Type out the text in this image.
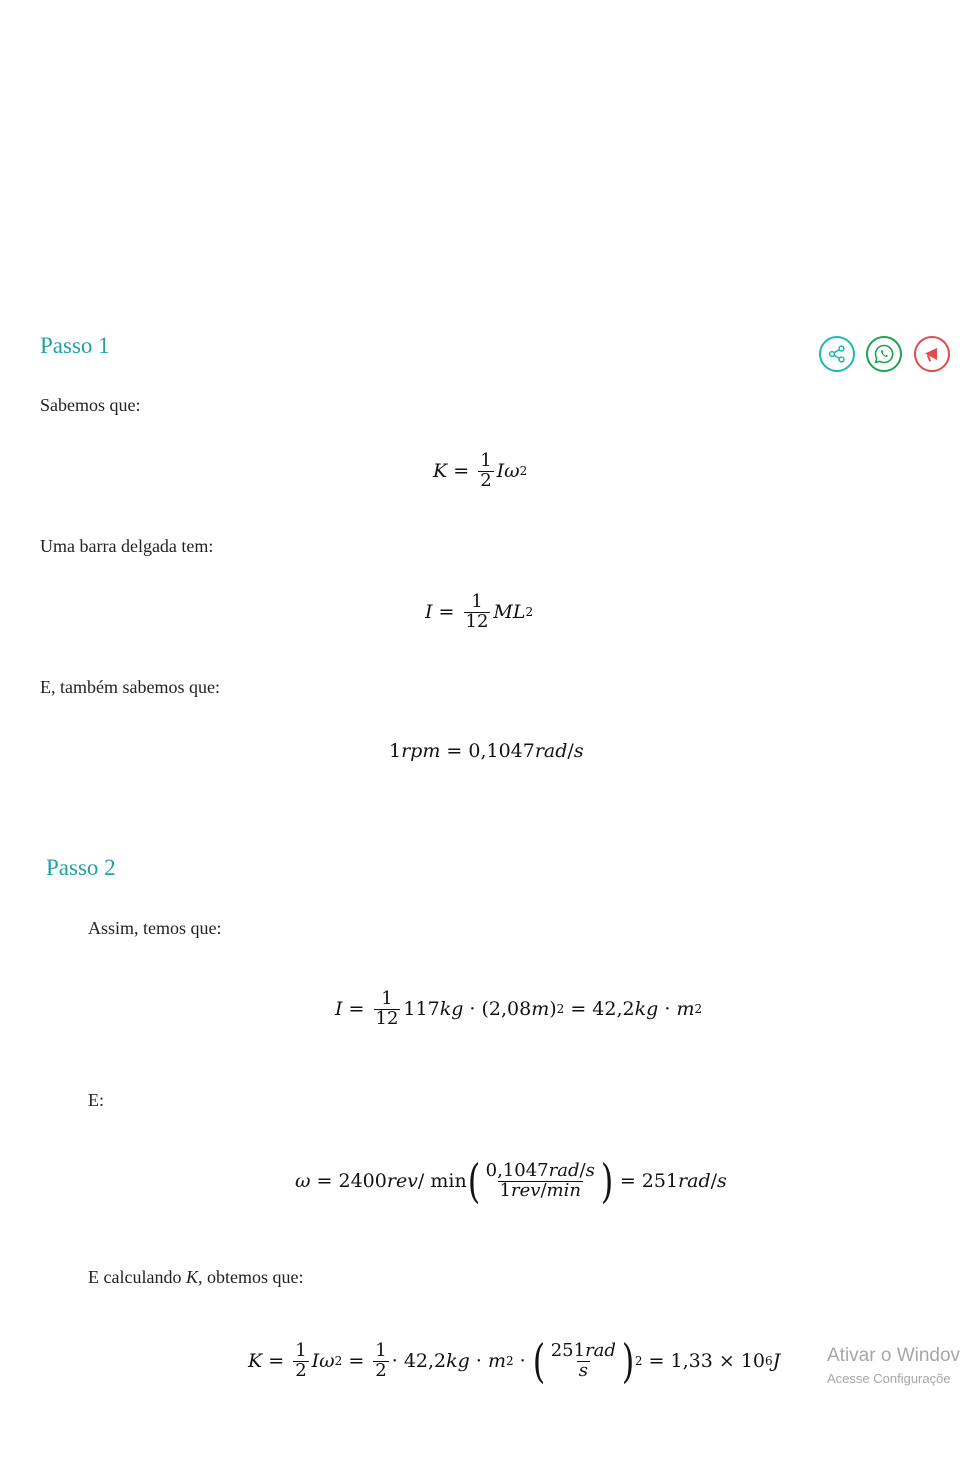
Passo 1
Sabemos que:
$K = \frac{1}{2}$ Iω 2
Uma barra delgada tem:
$I = \frac{1}{12}$ ML 2
E, também sabemos que:
1 rpm = 0,1047 rad / s
Passo 2
Assim, temos que:
$I = \frac{1}{12} 117$ kg · (2,08 m ) 2 = 42,2 kg · m 2
E:
ω = 2400 rev / min ( $\frac{\text{0,1047rad/s}}{\text{1rev/min}}$ ) = 251 rad / s
E calculando K, obtemos que:
$K = \frac{1}{2}$ Iω $2 = \frac{1}{2} \cdot 42,2$ kg · m 2 · ( $\frac{\text{251rad}}{s}$ ) 2 = 1,33 × 10 6 J Ativar o Windov
Acesse Configuraçõe
